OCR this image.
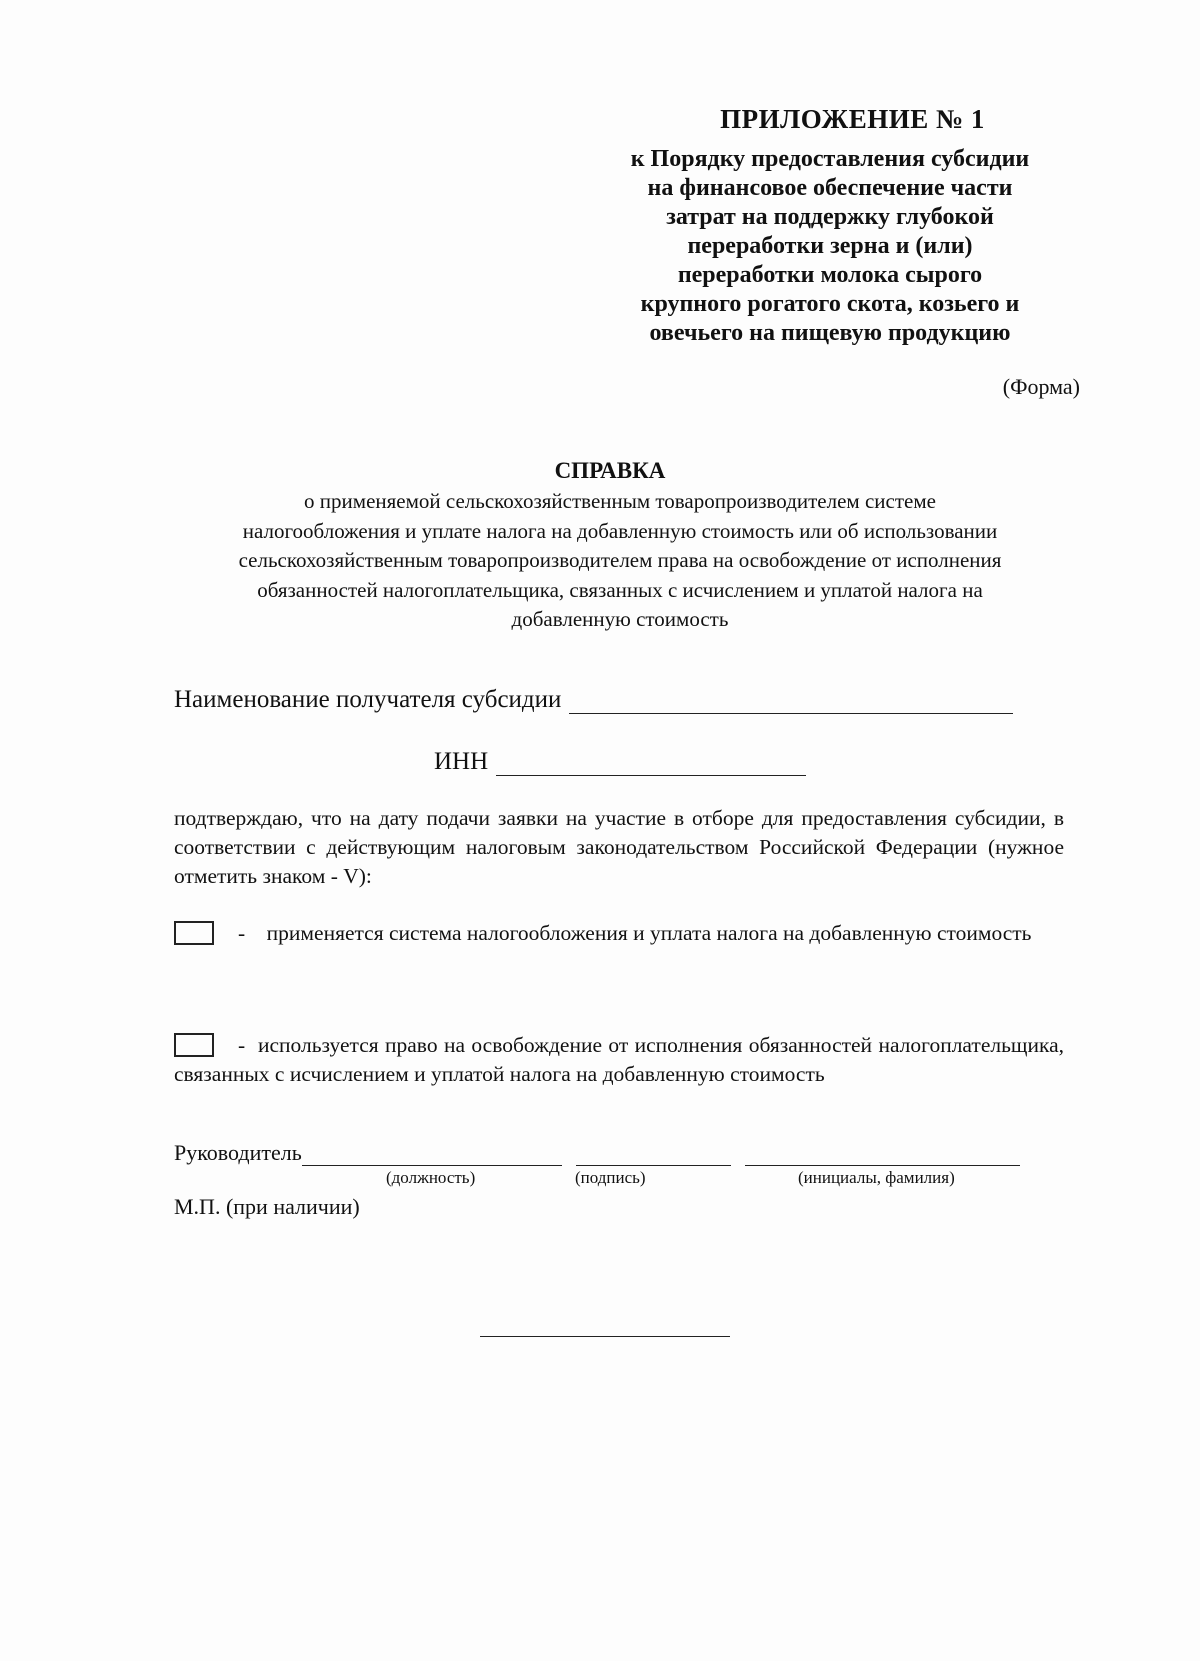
ПРИЛОЖЕНИЕ № 1
к Порядку предоставления субсидии
на финансовое обеспечение части
затрат на поддержку глубокой
переработки зерна и (или)
переработки молока сырого
крупного рогатого скота, козьего и
овечьего на пищевую продукцию
(Форма)
СПРАВКА
о применяемой сельскохозяйственным товаропроизводителем системе
налогообложения и уплате налога на добавленную стоимость или об использовании
сельскохозяйственным товаропроизводителем права на освобождение от исполнения
обязанностей налогоплательщика, связанных с исчислением и уплатой налога на
добавленную стоимость
Наименование получателя субсидии
ИНН
подтверждаю, что на дату подачи заявки на участие в отборе для предоставления субсидии, в соответствии с действующим налоговым законодательством Российской Федерации (нужное отметить знаком - V):
- применяется система налогообложения и уплата налога на добавленную стоимость
- используется право на освобождение от исполнения обязанностей налогоплательщика, связанных с исчислением и уплатой налога на добавленную стоимость
Руководитель
(должность)	(подпись)	(инициалы, фамилия)
М.П. (при наличии)
